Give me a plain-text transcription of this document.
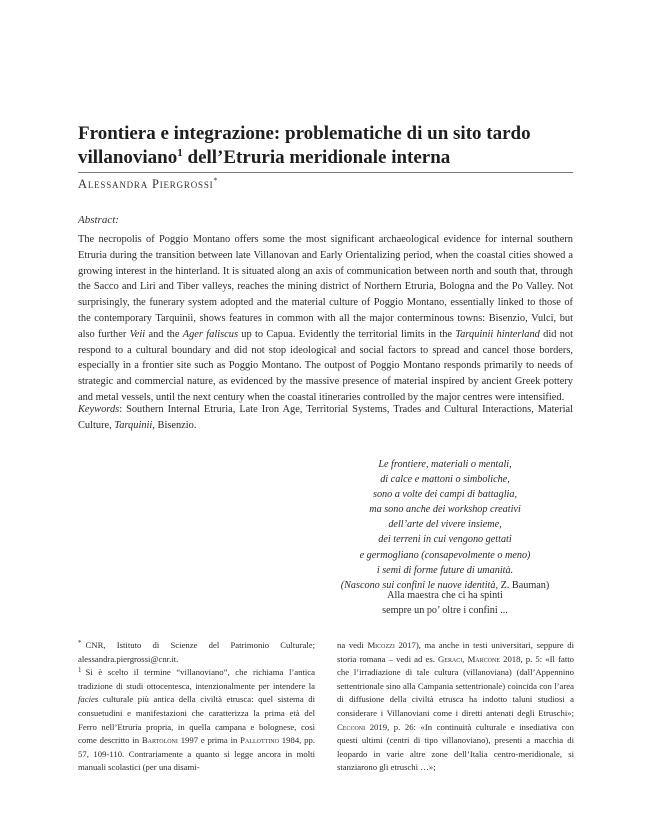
Frontiera e integrazione: problematiche di un sito tardo villanoviano$^1$ dell’Etruria meridionale interna
Alessandra Piergrossi*
Abstract:

The necropolis of Poggio Montano offers some the most significant archaeological evidence for internal southern Etruria during the transition between late Villanovan and Early Orientalizing period, when the coastal cities showed a growing interest in the hinterland. It is situated along an axis of communication between north and south that, through the Sacco and Liri and Tiber valleys, reaches the mining district of Northern Etruria, Bologna and the Po Valley. Not surprisingly, the funerary system adopted and the material culture of Poggio Montano, essentially linked to those of the contemporary Tarquinii, shows features in common with all the major conterminous towns: Bisenzio, Vulci, but also further Veii and the Ager faliscus up to Capua. Evidently the territorial limits in the Tarquinii hinterland did not respond to a cultural boundary and did not stop ideological and social factors to spread and cancel those borders, especially in a frontier site such as Poggio Montano. The outpost of Poggio Montano responds primarily to needs of strategic and commercial nature, as evidenced by the massive presence of material inspired by ancient Greek pottery and metal vessels, until the next century when the coastal itineraries controlled by the major centres were intensified.

Keywords: Southern Internal Etruria, Late Iron Age, Territorial Systems, Trades and Cultural Interactions, Material Culture, Tarquinii, Bisenzio.

Le frontiere, materiali o mentali,
di calce e mattoni o simboliche,
sono a volte dei campi di battaglia,
ma sono anche dei workshop creativi
dell’arte del vivere insieme,
dei terreni in cui vengono gettati
e germogliano (consapevolmente o meno)
i semi di forme future di umanità.
(Nascono sui confini le nuove identità, Z. Bauman)
Alla maestra che ci ha spinti
sempre un po’ oltre i confini ...
* CNR, Istituto di Scienze del Patrimonio Culturale; alessandra.piergrossi@cnr.it.
$^1$ Si è scelto il termine “villanoviano”, che richiama l’antica tradizione di studi ottocentesca, intenzionalmente per intendere la facies culturale più antica della civiltà etrusca: quel sistema di consuetudini e manifestazioni che caratterizza la prima età del Ferro nell’Etruria propria, in quella campana e bolognese, così come descritto in Bartoloni 1997 e prima in Pallottino 1984, pp. 57, 109-110. Contrariamente a quanto si legge ancora in molti manuali scolastici (per una disami-
na vedi Micozzi 2017), ma anche in testi universitari, seppure di storia romana – vedi ad es. Geraci, Marcone 2018, p. 5: «Il fatto che l’irradiazione di tale cultura (villanoviana) (dall’Appennino settentrionale sino alla Campania settentrionale) coincida con l’area di diffusione della civiltà etrusca ha indotto taluni studiosi a considerare i Villanoviani come i diretti antenati degli Etruschi»; Cecconi 2019, p. 26: «In continuità culturale e insediativa con questi ultimi (centri di tipo villanoviano), presenti a macchia di leopardo in varie altre zone dell’Italia centro-meridionale, si stanziarono gli etruschi …»;
